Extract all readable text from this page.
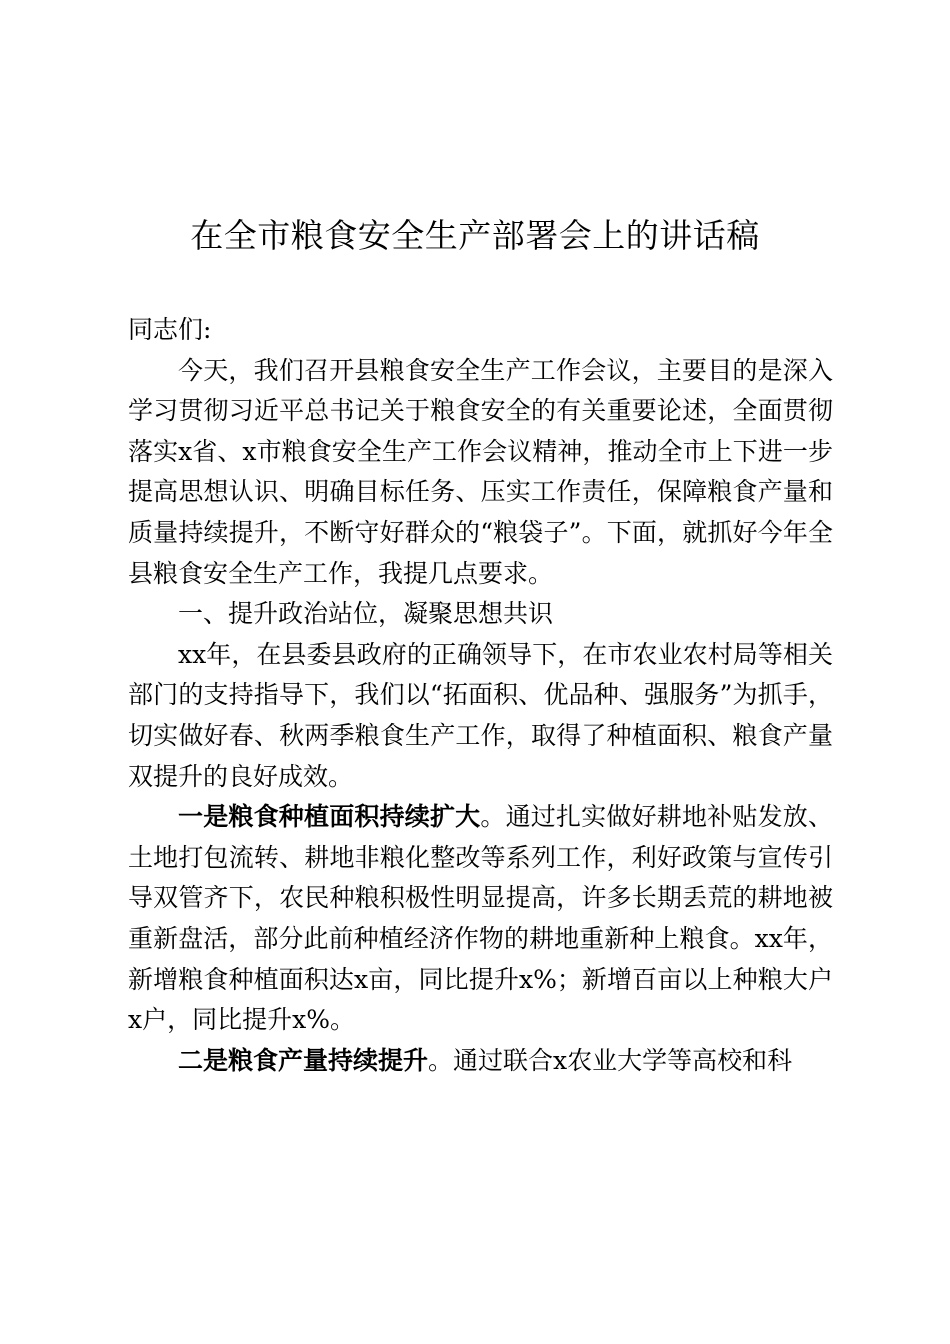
在全市粮食安全生产部署会上的讲话稿

同志们:

今天，我们召开县粮食安全生产工作会议，主要目的是深入学习贯彻习近平总书记关于粮食安全的有关重要论述，全面贯彻落实x省、x市粮食安全生产工作会议精神，推动全市上下进一步提高思想认识、明确目标任务、压实工作责任，保障粮食产量和质量持续提升，不断守好群众的“粮袋子”。下面，就抓好今年全县粮食安全生产工作，我提几点要求。

一、提升政治站位，凝聚思想共识

xx年，在县委县政府的正确领导下，在市农业农村局等相关部门的支持指导下，我们以“拓面积、优品种、强服务”为抓手，切实做好春、秋两季粮食生产工作，取得了种植面积、粮食产量双提升的良好成效。

一是粮食种植面积持续扩大。通过扎实做好耕地补贴发放、土地打包流转、耕地非粮化整改等系列工作，利好政策与宣传引导双管齐下，农民种粮积极性明显提高，许多长期丢荒的耕地被重新盘活，部分此前种植经济作物的耕地重新种上粮食。xx年，新增粮食种植面积达x亩，同比提升x%；新增百亩以上种粮大户x户，同比提升x%。

二是粮食产量持续提升。通过联合x农业大学等高校和科
